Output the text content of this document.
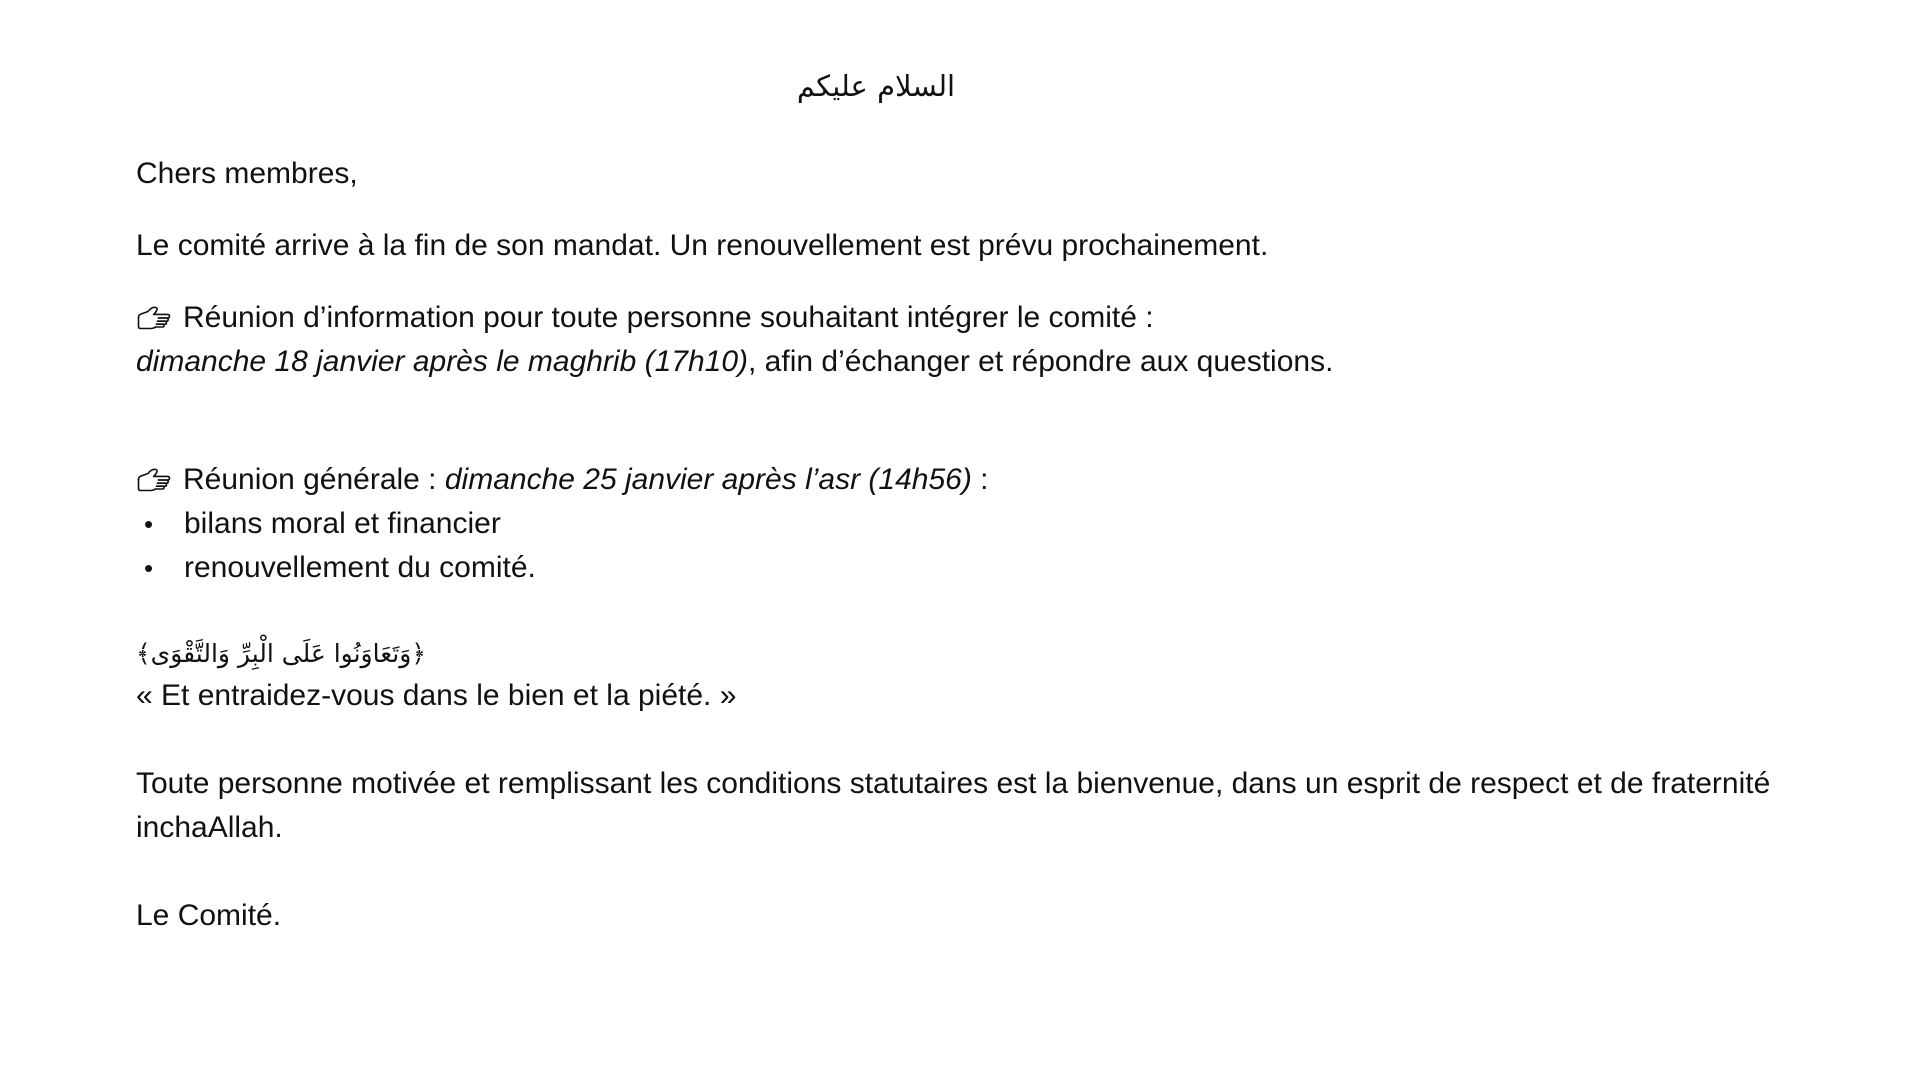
السلام عليكم

Chers membres,

Le comité arrive à la fin de son mandat. Un renouvellement est prévu prochainement.

Réunion d’information pour toute personne souhaitant intégrer le comité :
dimanche 18 janvier après le maghrib (17h10), afin d’échanger et répondre aux questions.
Réunion générale : dimanche 25 janvier après l’asr (14h56) :
• bilans moral et financier
• renouvellement du comité.

﴿وَتَعَاوَنُوا عَلَى الْبِرِّ وَالتَّقْوَى﴾

« Et entraidez-vous dans le bien et la piété. »

Toute personne motivée et remplissant les conditions statutaires est la bienvenue, dans un esprit de respect et de fraternité inchaAllah.

Le Comité.
